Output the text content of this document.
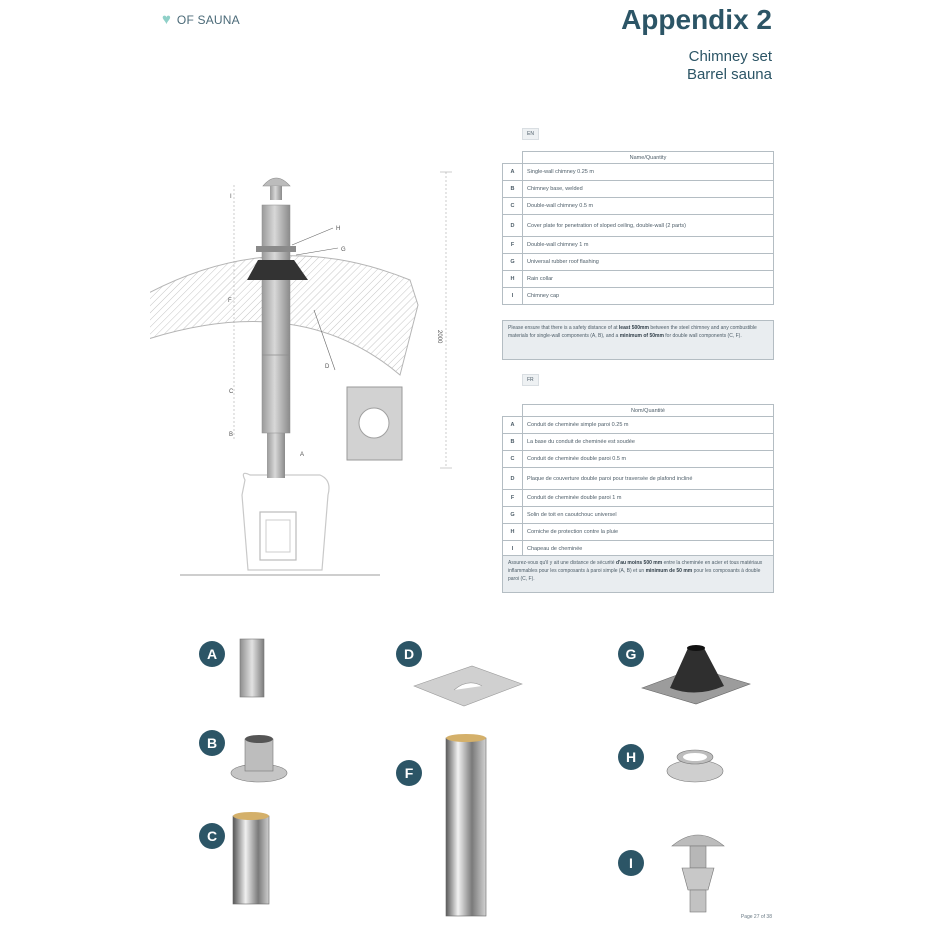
♥ OF SAUNA	Appendix 2
Chimney set
Barrel sauna
2000
I
H
G
F
D
C
B
A
EN
	Name/Quantity
A	Single-wall chimney 0.25 m
B	Chimney base, welded
C	Double-wall chimney 0.5 m
D	Cover plate for penetration of sloped ceiling, double-wall (2 parts)
F	Double-wall chimney 1 m
G	Universal rubber roof flashing
H	Rain collar
I	Chimney cap
Please ensure that there is a safety distance of at least 500mm between the steel chimney and any combustible materials for single-wall components (A, B), and a minimum of 50mm for double wall components (C, F).
FR
	Nom/Quantité
A	Conduit de cheminée simple paroi 0.25 m
B	La base du conduit de cheminée est soudée
C	Conduit de cheminée double paroi 0.5 m
D	Plaque de couverture double paroi pour traversée de plafond incliné
F	Conduit de cheminée double paroi 1 m
G	Solin de toit en caoutchouc universel
H	Corniche de protection contre la pluie
I	Chapeau de cheminée
Assurez-vous qu'il y ait une distance de sécurité d'au moins 500 mm entre la cheminée en acier et tous matériaux inflammables pour les composants à paroi simple (A, B) et un minimum de 50 mm pour les composants à double paroi (C, F).
A
B
C
D
F
G
H
I
Page 27 of 38
